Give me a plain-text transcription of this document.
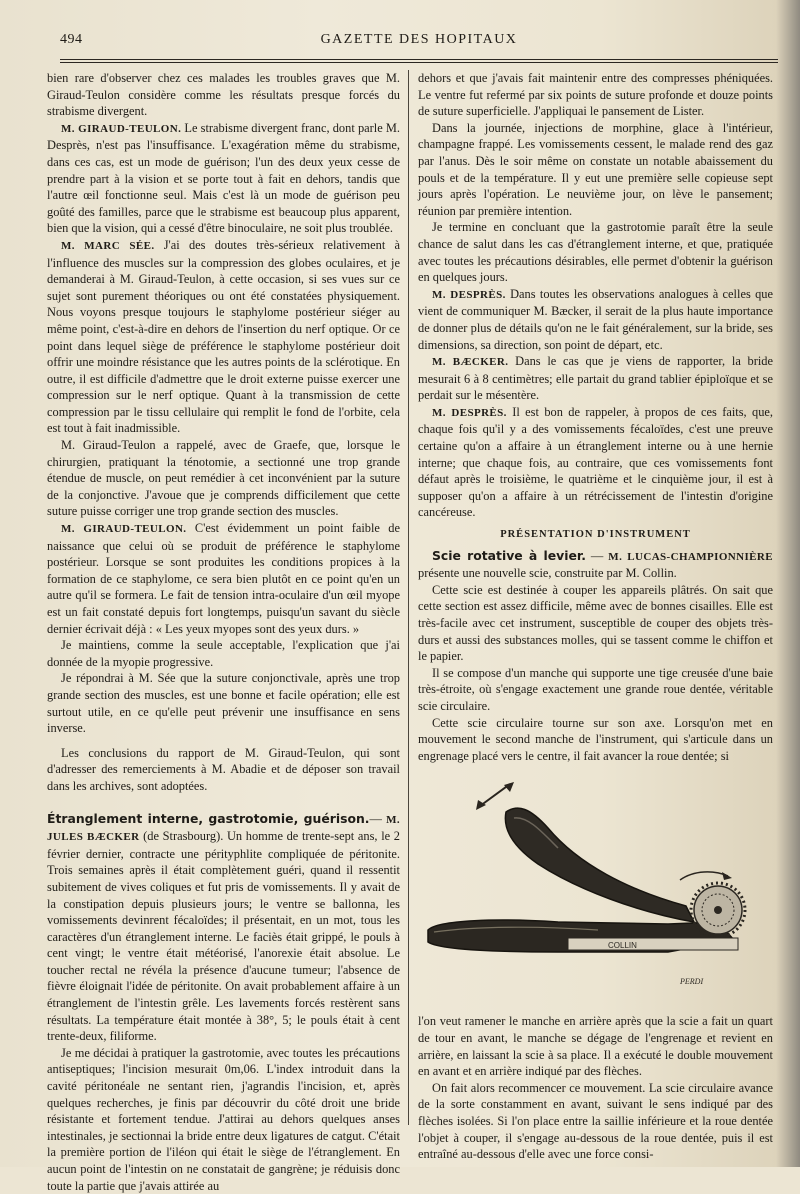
494	GAZETTE DES HOPITAUX

bien rare d'observer chez ces malades les troubles graves que M. Giraud-Teulon considère comme les résultats presque forcés du strabisme divergent.

M. GIRAUD-TEULON. Le strabisme divergent franc, dont parle M. Desprès, n'est pas l'insuffisance. L'exagération même du strabisme, dans ces cas, est un mode de guérison; l'un des deux yeux cesse de prendre part à la vision et se porte tout à fait en dehors, tandis que l'autre œil fonctionne seul. Mais c'est là un mode de guérison peu goûté des familles, parce que le strabisme est beaucoup plus apparent, bien que la vision, qui a cessé d'être binoculaire, ne soit plus troublée.

M. MARC SÉE. J'ai des doutes très-sérieux relativement à l'influence des muscles sur la compression des globes oculaires, et je demanderai à M. Giraud-Teulon, à cette occasion, si ses vues sur ce sujet sont purement théoriques ou ont été constatées physiquement. Nous voyons presque toujours le staphylome postérieur siéger au même point, c'est-à-dire en dehors de l'insertion du nerf optique. Or ce point dans lequel siège de préférence le staphylome postérieur doit offrir une moindre résistance que les autres points de la sclérotique. En outre, il est difficile d'admettre que le droit externe puisse exercer une compression sur le nerf optique. Quant à la transmission de cette compression par le tissu cellulaire qui remplit le fond de l'orbite, cela est tout à fait inadmissible.

M. Giraud-Teulon a rappelé, avec de Graefe, que, lorsque le chirurgien, pratiquant la ténotomie, a sectionné une trop grande étendue de muscle, on peut remédier à cet inconvénient par la suture de la conjonctive. J'avoue que je comprends difficilement que cette suture puisse corriger une trop grande section des muscles.

M. GIRAUD-TEULON. C'est évidemment un point faible de naissance que celui où se produit de préférence le staphylome postérieur. Lorsque se sont produites les conditions propices à la formation de ce staphylome, ce sera bien plutôt en ce point qu'en un autre qu'il se formera. Le fait de tension intra-oculaire d'un œil myope est un fait constaté depuis fort longtemps, puisqu'un savant du siècle dernier écrivait déjà : « Les yeux myopes sont des yeux durs. »

Je maintiens, comme la seule acceptable, l'explication que j'ai donnée de la myopie progressive.

Je répondrai à M. Sée que la suture conjonctivale, après une trop grande section des muscles, est une bonne et facile opération; elle est surtout utile, en ce qu'elle peut prévenir une insuffisance en sens inverse.

Les conclusions du rapport de M. Giraud-Teulon, qui sont d'adresser des remerciements à M. Abadie et de déposer son travail dans les archives, sont adoptées.

Étranglement interne, gastrotomie, guérison.— M. JULES BÆCKER (de Strasbourg). Un homme de trente-sept ans, le 2 février dernier, contracte une pérityphlite compliquée de péritonite. Trois semaines après il était complètement guéri, quand il ressentit subitement de vives coliques et fut pris de vomissements. Il y avait de la constipation depuis plusieurs jours; le ventre se ballonna, les vomissements devinrent fécaloïdes; il présentait, en un mot, tous les caractères d'un étranglement interne. Le faciès était grippé, le pouls à cent vingt; le ventre était météorisé, l'anorexie était absolue. Le toucher rectal ne révéla la présence d'aucune tumeur; l'absence de fièvre éloignait l'idée de péritonite. On avait probablement affaire à un étranglement de l'intestin grêle. Les lavements forcés restèrent sans résultats. La température était montée à 38°, 5; le pouls était à cent trente-deux, filiforme.

Je me décidai à pratiquer la gastrotomie, avec toutes les précautions antiseptiques; l'incision mesurait 0m,06. L'index introduit dans la cavité péritonéale ne sentant rien, j'agrandis l'incision, et, après quelques recherches, je finis par découvrir du côté droit une bride résistante et fortement tendue. J'attirai au dehors quelques anses intestinales, je sectionnai la bride entre deux ligatures de catgut. C'était la première portion de l'iléon qui était le siège de l'étranglement. En aucun point de l'intestin on ne constatait de gangrène; je réduisis donc toute la partie que j'avais attirée au

dehors et que j'avais fait maintenir entre des compresses phéniquées. Le ventre fut refermé par six points de suture profonde et douze points de suture superficielle. J'appliquai le pansement de Lister.

Dans la journée, injections de morphine, glace à l'intérieur, champagne frappé. Les vomissements cessent, le malade rend des gaz par l'anus. Dès le soir même on constate un notable abaissement du pouls et de la température. Il y eut une première selle copieuse sept jours après l'opération. Le neuvième jour, on lève le pansement; réunion par première intention.

Je termine en concluant que la gastrotomie paraît être la seule chance de salut dans les cas d'étranglement interne, et que, pratiquée avec toutes les précautions désirables, elle permet d'obtenir la guérison en quelques jours.

M. DESPRÈS. Dans toutes les observations analogues à celles que vient de communiquer M. Bæcker, il serait de la plus haute importance de donner plus de détails qu'on ne le fait généralement, sur la bride, ses dimensions, sa direction, son point de départ, etc.

M. BÆCKER. Dans le cas que je viens de rapporter, la bride mesurait 6 à 8 centimètres; elle partait du grand tablier épiploïque et se perdait sur le mésentère.

M. DESPRÈS. Il est bon de rappeler, à propos de ces faits, que, chaque fois qu'il y a des vomissements fécaloïdes, c'est une preuve certaine qu'on a affaire à un étranglement interne ou à une hernie interne; que chaque fois, au contraire, que ces vomissements font défaut après le troisième, le quatrième et le cinquième jour, il est à supposer qu'on a affaire à un rétrécissement de l'intestin d'origine cancéreuse.

PRÉSENTATION D'INSTRUMENT

Scie rotative à levier. — M. LUCAS-CHAMPIONNIÈRE présente une nouvelle scie, construite par M. Collin.

Cette scie est destinée à couper les appareils plâtrés. On sait que cette section est assez difficile, même avec de bonnes cisailles. Elle est très-facile avec cet instrument, susceptible de couper des objets très-durs et aussi des substances molles, qui se tassent comme le chiffon et le papier.

Il se compose d'un manche qui supporte une tige creusée d'une baie très-étroite, où s'engage exactement une grande roue dentée, véritable scie circulaire.

Cette scie circulaire tourne sur son axe. Lorsqu'on met en mouvement le second manche de l'instrument, qui s'articule dans un engrenage placé vers le centre, il fait avancer la roue dentée; si

COLLIN
PERDI

l'on veut ramener le manche en arrière après que la scie a fait un quart de tour en avant, le manche se dégage de l'engrenage et revient en arrière, en laissant la scie à sa place. Il a exécuté le double mouvement en avant et en arrière indiqué par des flèches.

On fait alors recommencer ce mouvement. La scie circulaire avance de la sorte constamment en avant, suivant le sens indiqué par des flèches isolées. Si l'on place entre la saillie inférieure et la roue dentée l'objet à couper, il s'engage au-dessous de la roue dentée, puis il est entraîné au-dessous d'elle avec une force consi-
